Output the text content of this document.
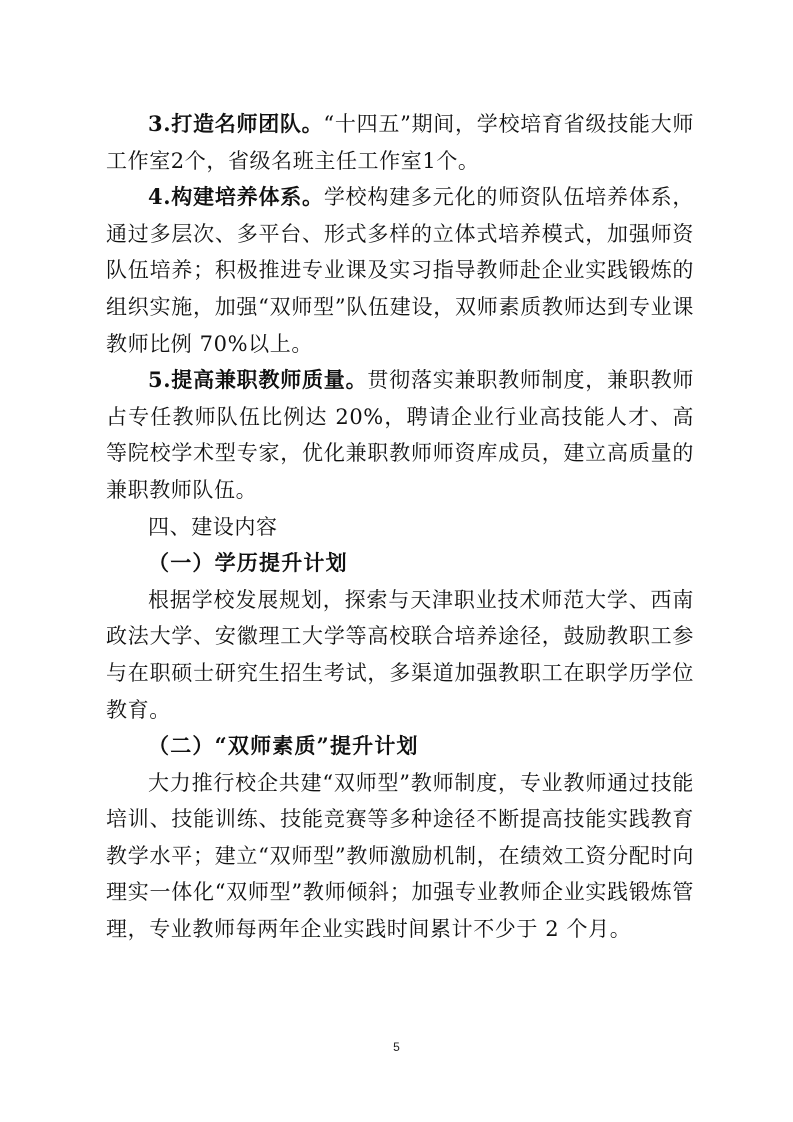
3.打造名师团队。“十四五”期间，学校培育省级技能大师工作室2个，省级名班主任工作室1个。

4.构建培养体系。学校构建多元化的师资队伍培养体系，通过多层次、多平台、形式多样的立体式培养模式，加强师资队伍培养；积极推进专业课及实习指导教师赴企业实践锻炼的组织实施，加强“双师型”队伍建设，双师素质教师达到专业课教师比例 70%以上。

5.提高兼职教师质量。贯彻落实兼职教师制度，兼职教师占专任教师队伍比例达 20%，聘请企业行业高技能人才、高等院校学术型专家，优化兼职教师师资库成员，建立高质量的兼职教师队伍。

四、建设内容

（一）学历提升计划

根据学校发展规划，探索与天津职业技术师范大学、西南政法大学、安徽理工大学等高校联合培养途径，鼓励教职工参与在职硕士研究生招生考试，多渠道加强教职工在职学历学位教育。

（二）“双师素质”提升计划

大力推行校企共建“双师型”教师制度，专业教师通过技能培训、技能训练、技能竞赛等多种途径不断提高技能实践教育教学水平；建立“双师型”教师激励机制，在绩效工资分配时向理实一体化“双师型”教师倾斜；加强专业教师企业实践锻炼管理，专业教师每两年企业实践时间累计不少于 2 个月。

5
